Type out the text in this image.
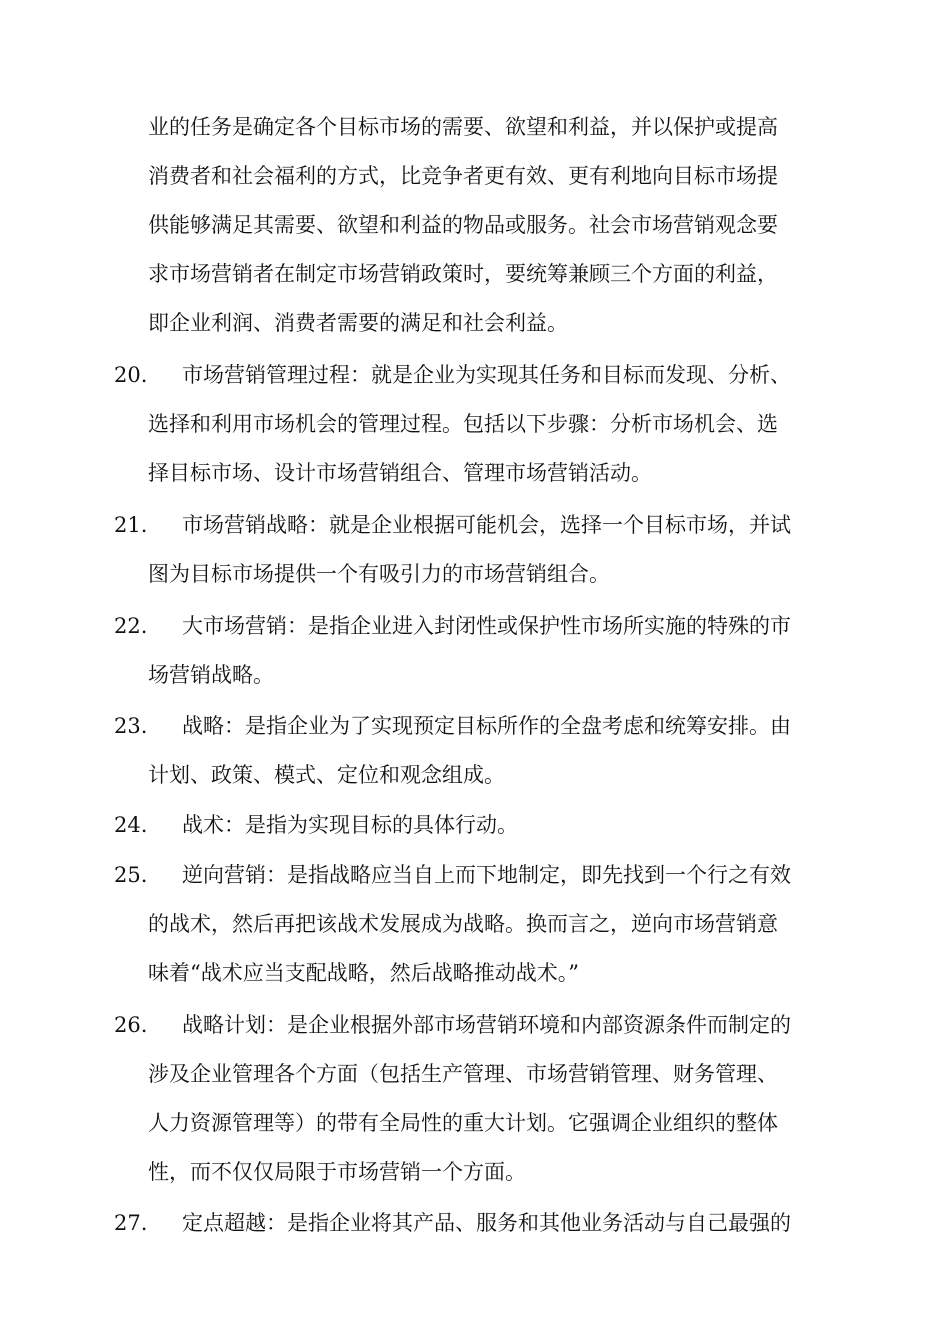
业的任务是确定各个目标市场的需要、欲望和利益，并以保护或提高
消费者和社会福利的方式，比竞争者更有效、更有利地向目标市场提
供能够满足其需要、欲望和利益的物品或服务。社会市场营销观念要
求市场营销者在制定市场营销政策时，要统筹兼顾三个方面的利益，
即企业利润、消费者需要的满足和社会利益。
20.	市场营销管理过程：就是企业为实现其任务和目标而发现、分析、
选择和利用市场机会的管理过程。包括以下步骤：分析市场机会、选
择目标市场、设计市场营销组合、管理市场营销活动。
21.	市场营销战略：就是企业根据可能机会，选择一个目标市场，并试
图为目标市场提供一个有吸引力的市场营销组合。
22.	大市场营销：是指企业进入封闭性或保护性市场所实施的特殊的市
场营销战略。
23.	战略：是指企业为了实现预定目标所作的全盘考虑和统筹安排。由
计划、政策、模式、定位和观念组成。
24.	战术：是指为实现目标的具体行动。
25.	逆向营销：是指战略应当自上而下地制定，即先找到一个行之有效
的战术，然后再把该战术发展成为战略。换而言之，逆向市场营销意
味着“战术应当支配战略，然后战略推动战术。”
26.	战略计划：是企业根据外部市场营销环境和内部资源条件而制定的
涉及企业管理各个方面（包括生产管理、市场营销管理、财务管理、
人力资源管理等）的带有全局性的重大计划。它强调企业组织的整体
性，而不仅仅局限于市场营销一个方面。
27.	定点超越：是指企业将其产品、服务和其他业务活动与自己最强的
